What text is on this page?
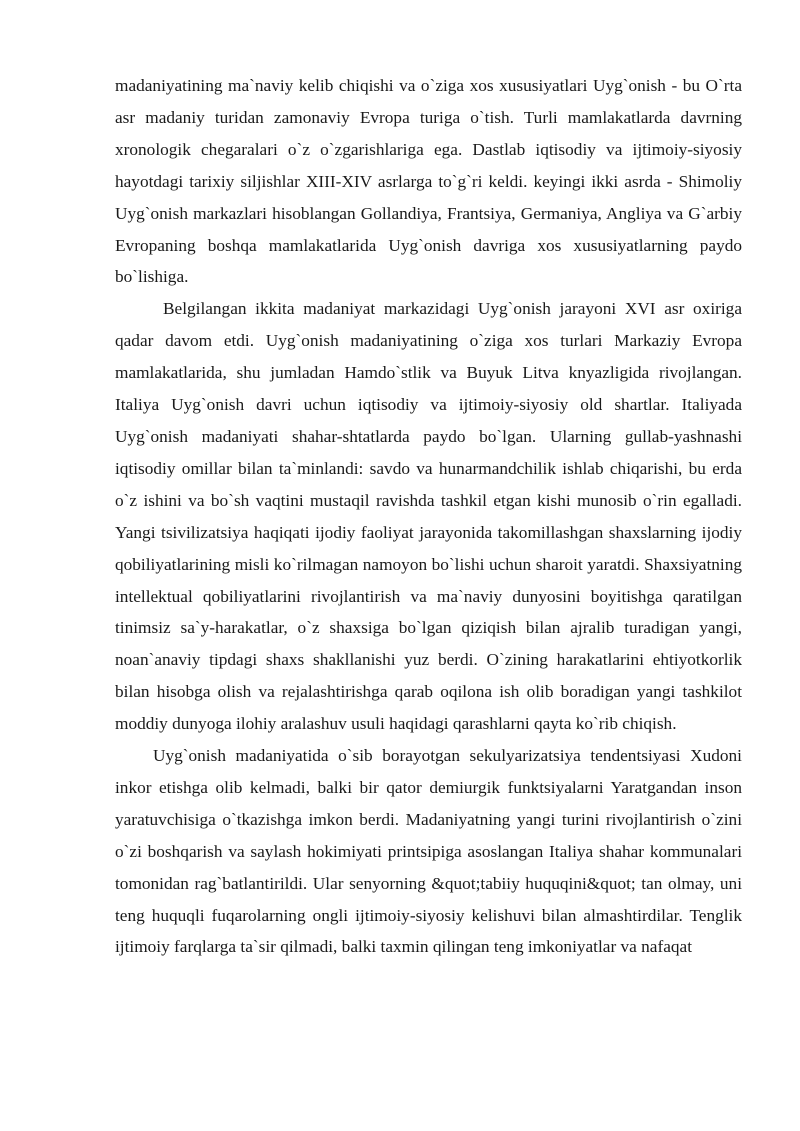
madaniyatining ma`naviy kelib chiqishi va o`ziga xos xususiyatlari Uyg`onish - bu O`rta asr madaniy turidan zamonaviy Evropa turiga o`tish. Turli mamlakatlarda davrning xronologik chegaralari o`z o`zgarishlariga ega. Dastlab iqtisodiy va ijtimoiy-siyosiy hayotdagi tarixiy siljishlar XIII-XIV asrlarga to`g`ri keldi. keyingi ikki asrda - Shimoliy Uyg`onish markazlari hisoblangan Gollandiya, Frantsiya, Germaniya, Angliya va G`arbiy Evropaning boshqa mamlakatlarida Uyg`onish davriga xos xususiyatlarning paydo bo`lishiga.

Belgilangan ikkita madaniyat markazidagi Uyg`onish jarayoni XVI asr oxiriga qadar davom etdi. Uyg`onish madaniyatining o`ziga xos turlari Markaziy Evropa mamlakatlarida, shu jumladan Hamdo`stlik va Buyuk Litva knyazligida rivojlangan. Italiya Uyg`onish davri uchun iqtisodiy va ijtimoiy-siyosiy old shartlar. Italiyada Uyg`onish madaniyati shahar-shtatlarda paydo bo`lgan. Ularning gullab-yashnashi iqtisodiy omillar bilan ta`minlandi: savdo va hunarmandchilik ishlab chiqarishi, bu erda o`z ishini va bo`sh vaqtini mustaqil ravishda tashkil etgan kishi munosib o`rin egalladi. Yangi tsivilizatsiya haqiqati ijodiy faoliyat jarayonida takomillashgan shaxslarning ijodiy qobiliyatlarining misli ko`rilmagan namoyon bo`lishi uchun sharoit yaratdi. Shaxsiyatning intellektual qobiliyatlarini rivojlantirish va ma`naviy dunyosini boyitishga qaratilgan tinimsiz sa`y-harakatlar, o`z shaxsiga bo`lgan qiziqish bilan ajralib turadigan yangi, noan`anaviy tipdagi shaxs shakllanishi yuz berdi. O`zining harakatlarini ehtiyotkorlik bilan hisobga olish va rejalashtirishga qarab oqilona ish olib boradigan yangi tashkilot moddiy dunyoga ilohiy aralashuv usuli haqidagi qarashlarni qayta ko`rib chiqish.

Uyg`onish madaniyatida o`sib borayotgan sekulyarizatsiya tendentsiyasi Xudoni inkor etishga olib kelmadi, balki bir qator demiurgik funktsiyalarni Yaratgandan inson yaratuvchisiga o`tkazishga imkon berdi. Madaniyatning yangi turini rivojlantirish o`zini o`zi boshqarish va saylash hokimiyati printsipiga asoslangan Italiya shahar kommunalari tomonidan rag`batlantirildi. Ular senyorning &quot;tabiiy huquqini&quot; tan olmay, uni teng huquqli fuqarolarning ongli ijtimoiy-siyosiy kelishuvi bilan almashtirdilar. Tenglik ijtimoiy farqlarga ta`sir qilmadi, balki taxmin qilingan teng imkoniyatlar va nafaqat
